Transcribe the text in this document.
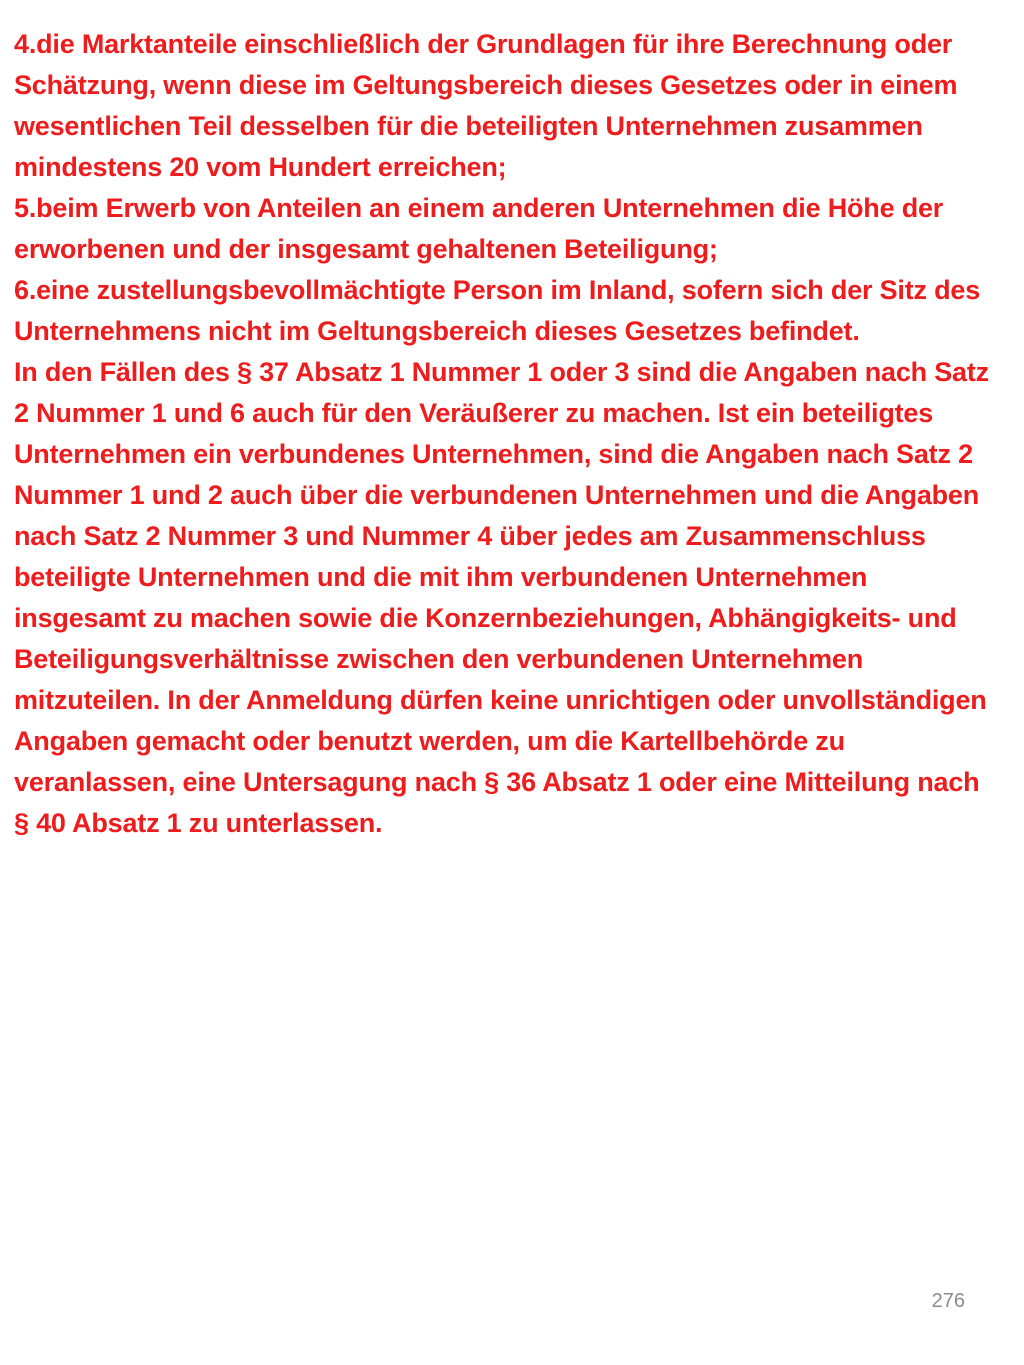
4.die Marktanteile einschließlich der Grundlagen für ihre Berechnung oder Schätzung, wenn diese im Geltungsbereich dieses Gesetzes oder in einem wesentlichen Teil desselben für die beteiligten Unternehmen zusammen mindestens 20 vom Hundert erreichen;

5.beim Erwerb von Anteilen an einem anderen Unternehmen die Höhe der erworbenen und der insgesamt gehaltenen Beteiligung;

6.eine zustellungsbevollmächtigte Person im Inland, sofern sich der Sitz des Unternehmens nicht im Geltungsbereich dieses Gesetzes befindet.

In den Fällen des § 37 Absatz 1 Nummer 1 oder 3 sind die Angaben nach Satz 2 Nummer 1 und 6 auch für den Veräußerer zu machen. Ist ein beteiligtes Unternehmen ein verbundenes Unternehmen, sind die Angaben nach Satz 2 Nummer 1 und 2 auch über die verbundenen Unternehmen und die Angaben nach Satz 2 Nummer 3 und Nummer 4 über jedes am Zusammenschluss beteiligte Unternehmen und die mit ihm verbundenen Unternehmen insgesamt zu machen sowie die Konzernbeziehungen, Abhängigkeits- und Beteiligungsverhältnisse zwischen den verbundenen Unternehmen mitzuteilen. In der Anmeldung dürfen keine unrichtigen oder unvollständigen Angaben gemacht oder benutzt werden, um die Kartellbehörde zu veranlassen, eine Untersagung nach § 36 Absatz 1 oder eine Mitteilung nach § 40 Absatz 1 zu unterlassen.

276
